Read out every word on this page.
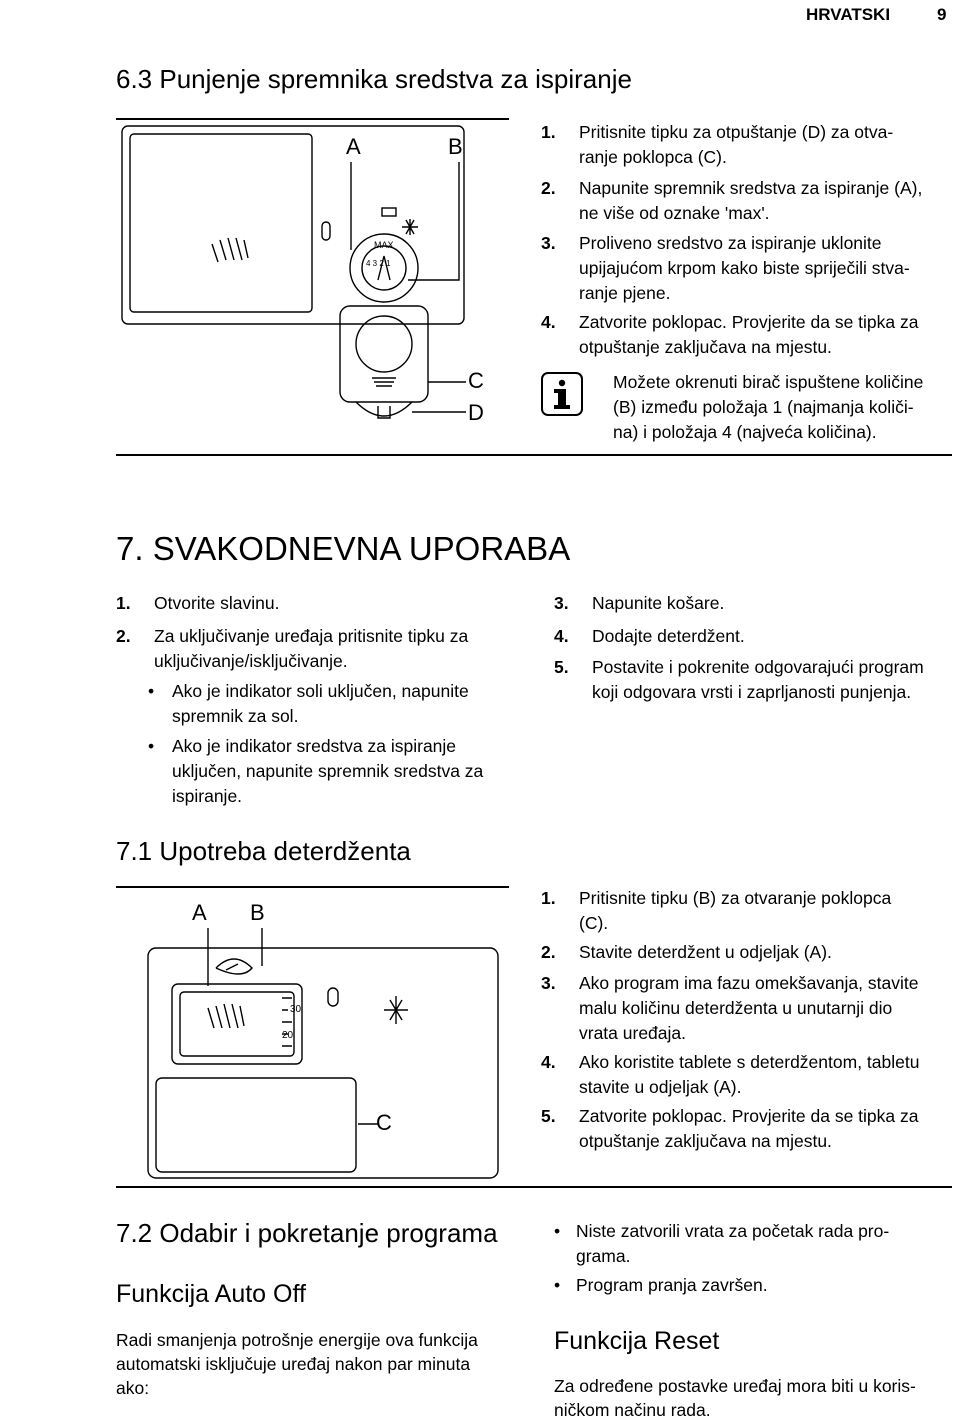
HRVATSKI	9
6.3 Punjenje spremnika sredstva za ispiranje
A	B
C
D
MAX
4 3 2 1
1. Pritisnite tipku za otpuštanje (D) za otva-
ranje poklopca (C).
2. Napunite spremnik sredstva za ispiranje (A),
ne više od oznake 'max'.
3. Proliveno sredstvo za ispiranje uklonite
upijajućom krpom kako biste spriječili stva-
ranje pjene.
4. Zatvorite poklopac. Provjerite da se tipka za
otpuštanje zaključava na mjestu.
Možete okrenuti birač ispuštene količine
(B) između položaja 1 (najmanja količi-
na) i položaja 4 (najveća količina).
7. SVAKODNEVNA UPORABA
1. Otvorite slavinu.
2. Za uključivanje uređaja pritisnite tipku za
uključivanje/isključivanje.
•	Ako je indikator soli uključen, napunite
spremnik za sol.
•	Ako je indikator sredstva za ispiranje
uključen, napunite spremnik sredstva za
ispiranje.
3. Napunite košare.
4. Dodajte deterdžent.
5. Postavite i pokrenite odgovarajući program
koji odgovara vrsti i zaprljanosti punjenja.
7.1 Upotreba deterdženta
A B
C
30
20
1. Pritisnite tipku (B) za otvaranje poklopca
(C).
2. Stavite deterdžent u odjeljak (A).
3. Ako program ima fazu omekšavanja, stavite
malu količinu deterdženta u unutarnji dio
vrata uređaja.
4. Ako koristite tablete s deterdžentom, tabletu
stavite u odjeljak (A).
5. Zatvorite poklopac. Provjerite da se tipka za
otpuštanje zaključava na mjestu.
7.2 Odabir i pokretanje programa
Funkcija Auto Off
Radi smanjenja potrošnje energije ova funkcija
automatski isključuje uređaj nakon par minuta
ako:
• Niste zatvorili vrata za početak rada pro-
grama.
• Program pranja završen.
Funkcija Reset
Za određene postavke uređaj mora biti u koris-
ničkom načinu rada.
